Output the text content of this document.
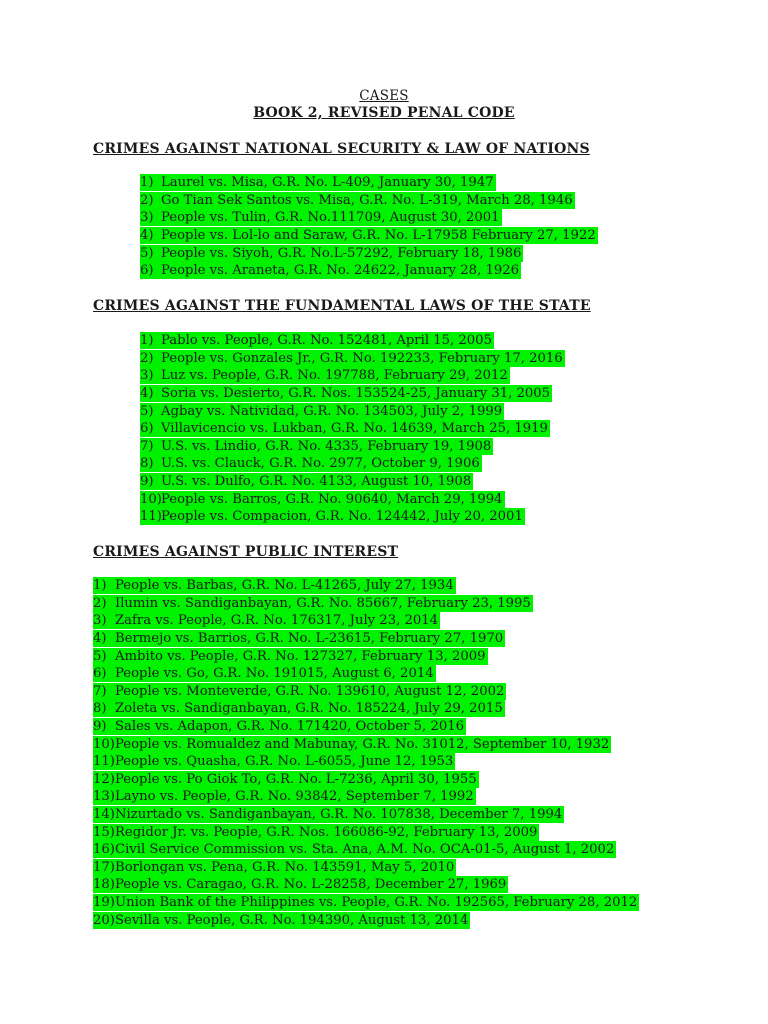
CASES
BOOK 2, REVISED PENAL CODE
CRIMES AGAINST NATIONAL SECURITY & LAW OF NATIONS
1) Laurel vs. Misa, G.R. No. L-409, January 30, 1947
2) Go Tian Sek Santos vs. Misa, G.R. No. L-319, March 28, 1946
3) People vs. Tulin, G.R. No.111709, August 30, 2001
4) People vs. Lol-lo and Saraw, G.R. No. L-17958 February 27, 1922
5) People vs. Siyoh, G.R. No.L-57292, February 18, 1986
6) People vs. Araneta, G.R. No. 24622, January 28, 1926
CRIMES AGAINST THE FUNDAMENTAL LAWS OF THE STATE
1) Pablo vs. People, G.R. No. 152481, April 15, 2005
2) People vs. Gonzales Jr., G.R. No. 192233, February 17, 2016
3) Luz vs. People, G.R. No. 197788, February 29, 2012
4) Soria vs. Desierto, G.R. Nos. 153524-25, January 31, 2005
5) Agbay vs. Natividad, G.R. No. 134503, July 2, 1999
6) Villavicencio vs. Lukban, G.R. No. 14639, March 25, 1919
7) U.S. vs. Lindio, G.R. No. 4335, February 19, 1908
8) U.S. vs. Clauck, G.R. No. 2977, October 9, 1906
9) U.S. vs. Dulfo, G.R. No. 4133, August 10, 1908
10) People vs. Barros, G.R. No. 90640, March 29, 1994
11) People vs. Compacion, G.R. No. 124442, July 20, 2001
CRIMES AGAINST PUBLIC INTEREST
1) People vs. Barbas, G.R. No. L-41265, July 27, 1934
2) Ilumin vs. Sandiganbayan, G.R. No. 85667, February 23, 1995
3) Zafra vs. People, G.R. No. 176317, July 23, 2014
4) Bermejo vs. Barrios, G.R. No. L-23615, February 27, 1970
5) Ambito vs. People, G.R. No. 127327, February 13, 2009
6) People vs. Go, G.R. No. 191015, August 6, 2014
7) People vs. Monteverde, G.R. No. 139610, August 12, 2002
8) Zoleta vs. Sandiganbayan, G.R. No. 185224, July 29, 2015
9) Sales vs. Adapon, G.R. No. 171420, October 5, 2016
10) People vs. Romualdez and Mabunay, G.R. No. 31012, September 10, 1932
11) People vs. Quasha, G.R. No. L-6055, June 12, 1953
12) People vs. Po Giok To, G.R. No. L-7236, April 30, 1955
13) Layno vs. People, G.R. No. 93842, September 7, 1992
14) Nizurtado vs. Sandiganbayan, G.R. No. 107838, December 7, 1994
15) Regidor Jr. vs. People, G.R. Nos. 166086-92, February 13, 2009
16) Civil Service Commission vs. Sta. Ana, A.M. No. OCA-01-5, August 1, 2002
17) Borlongan vs. Pena, G.R. No. 143591, May 5, 2010
18) People vs. Caragao, G.R. No. L-28258, December 27, 1969
19) Union Bank of the Philippines vs. People, G.R. No. 192565, February 28, 2012
20) Sevilla vs. People, G.R. No. 194390, August 13, 2014
